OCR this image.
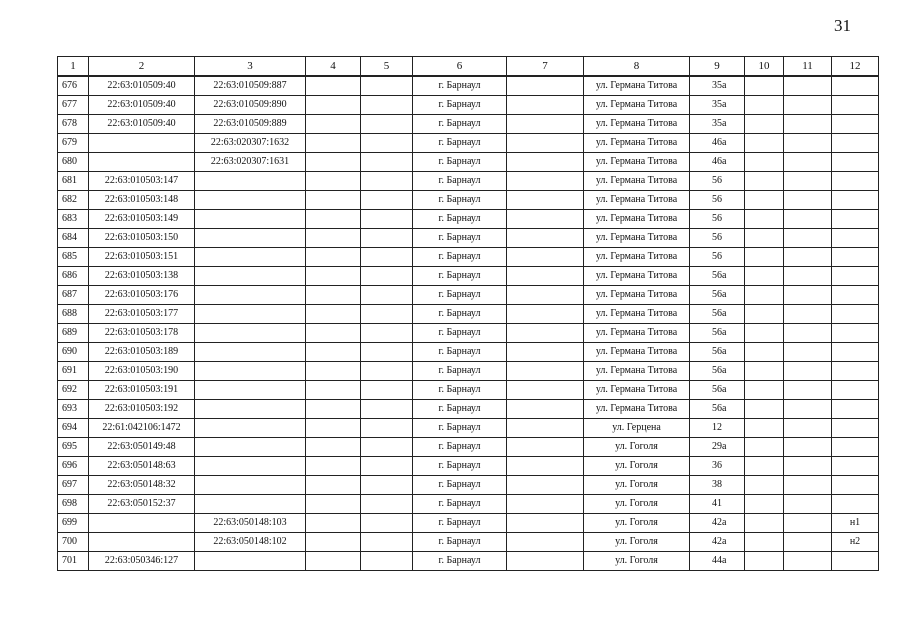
31
1	2	3	4	5	6	7	8	9	10	11	12
676	22:63:010509:40	22:63:010509:887			г. Барнаул		ул. Германа Титова	35а			
677	22:63:010509:40	22:63:010509:890			г. Барнаул		ул. Германа Титова	35а			
678	22:63:010509:40	22:63:010509:889			г. Барнаул		ул. Германа Титова	35а			
679		22:63:020307:1632			г. Барнаул		ул. Германа Титова	46а			
680		22:63:020307:1631			г. Барнаул		ул. Германа Титова	46а			
681	22:63:010503:147				г. Барнаул		ул. Германа Титова	56			
682	22:63:010503:148				г. Барнаул		ул. Германа Титова	56			
683	22:63:010503:149				г. Барнаул		ул. Германа Титова	56			
684	22:63:010503:150				г. Барнаул		ул. Германа Титова	56			
685	22:63:010503:151				г. Барнаул		ул. Германа Титова	56			
686	22:63:010503:138				г. Барнаул		ул. Германа Титова	56а			
687	22:63:010503:176				г. Барнаул		ул. Германа Титова	56а			
688	22:63:010503:177				г. Барнаул		ул. Германа Титова	56а			
689	22:63:010503:178				г. Барнаул		ул. Германа Титова	56а			
690	22:63:010503:189				г. Барнаул		ул. Германа Титова	56а			
691	22:63:010503:190				г. Барнаул		ул. Германа Титова	56а			
692	22:63:010503:191				г. Барнаул		ул. Германа Титова	56а			
693	22:63:010503:192				г. Барнаул		ул. Германа Титова	56а			
694	22:61:042106:1472				г. Барнаул		ул. Герцена	12			
695	22:63:050149:48				г. Барнаул		ул. Гоголя	29а			
696	22:63:050148:63				г. Барнаул		ул. Гоголя	36			
697	22:63:050148:32				г. Барнаул		ул. Гоголя	38			
698	22:63:050152:37				г. Барнаул		ул. Гоголя	41			
699		22:63:050148:103			г. Барнаул		ул. Гоголя	42а			н1
700		22:63:050148:102			г. Барнаул		ул. Гоголя	42а			н2
701	22:63:050346:127				г. Барнаул		ул. Гоголя	44а			
